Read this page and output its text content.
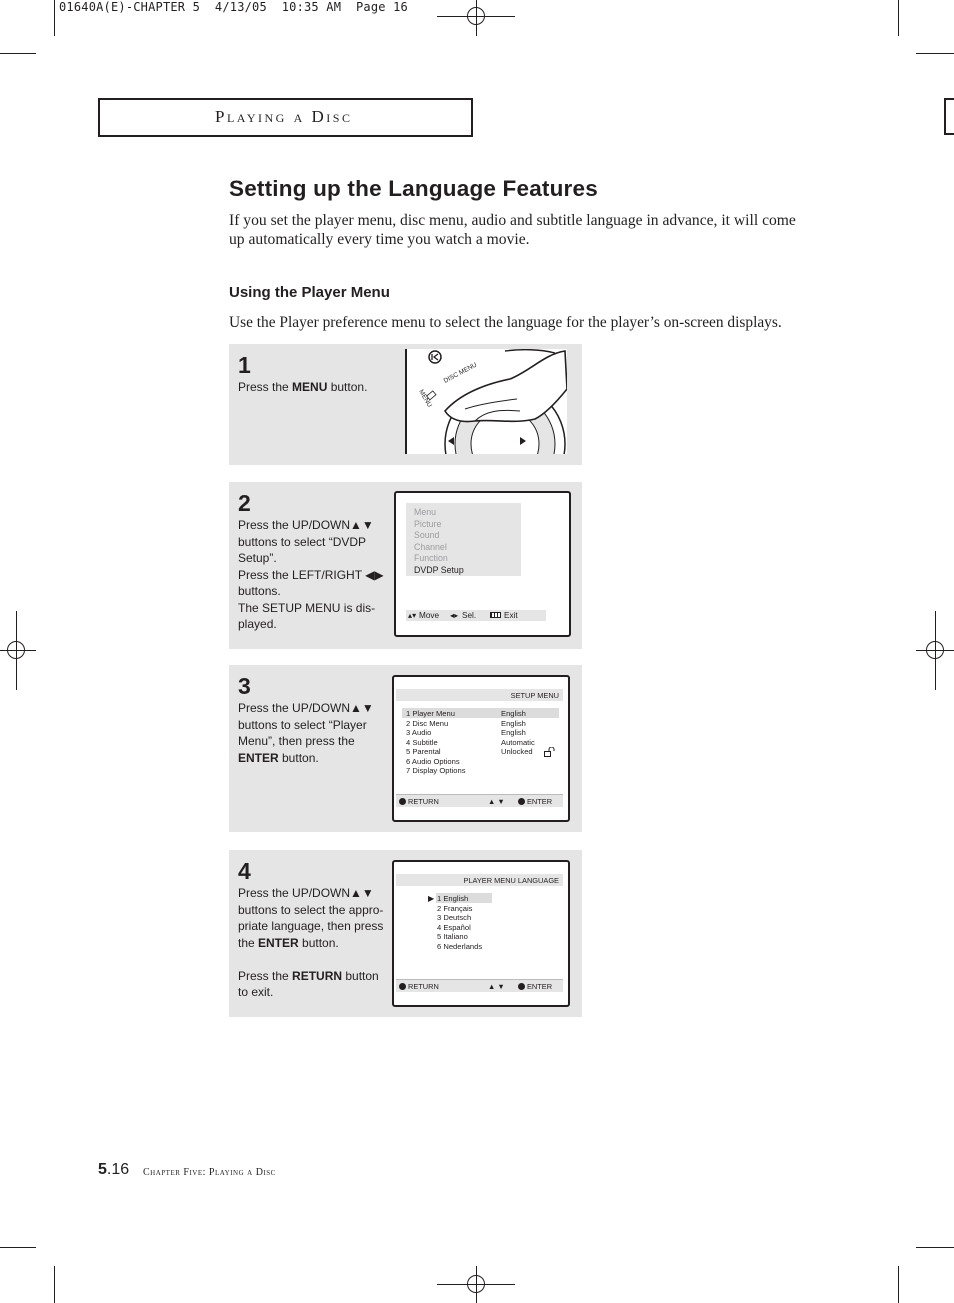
01640A(E)-CHAPTER 5  4/13/05  10:35 AM  Page 16
Playing a Disc
Setting up the Language Features
If you set the player menu, disc menu, audio and subtitle language in advance, it will come up automatically every time you watch a movie.
Using the Player Menu
Use the Player preference menu to select the language for the player’s on-screen displays.
1
Press the MENU button.
DISC MENU
MENU
2
Press the UP/DOWN▲▼
buttons to select “DVDP
Setup”.
Press the LEFT/RIGHT ◀▶
buttons.
The SETUP MENU is dis-
played.
Menu
Picture
Sound
Channel
Function
DVDP Setup
▴▾ Move ◂▸ Sel.	Exit
3
Press the UP/DOWN▲▼
buttons to select “Player
Menu”, then press the
ENTER button.
SETUP MENU
1 Player Menu	English
2 Disc Menu	English
3 Audio	English
4 Subtitle	Automatic
5 Parental	Unlocked
6 Audio Options
7 Display Options
RETURN	▲ ▼	ENTER
4
Press the UP/DOWN▲▼
buttons to select the appro-
priate language, then press
the ENTER button.
Press the RETURN button
to exit.
PLAYER MENU LANGUAGE
▶ 1 English
2 Français
3 Deutsch
4 Español
5 Italiano
6 Nederlands
RETURN	▲ ▼	ENTER
5.16 Chapter Five: Playing a Disc
